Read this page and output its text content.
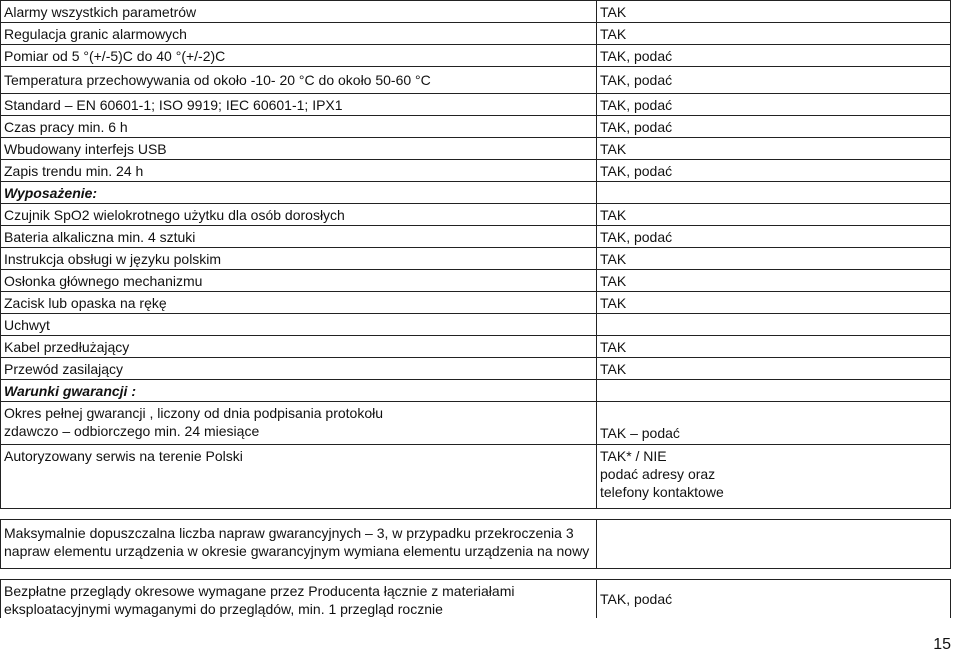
Alarmy wszystkich parametrów	TAK	
Regulacja granic alarmowych	TAK	
Pomiar od 5 °(+/-5)C do 40 °(+/-2)C	TAK, podać	
Temperatura przechowywania od około -10- 20 °C do około 50-60 °C	TAK, podać	
Standard – EN 60601-1; ISO 9919; IEC 60601-1; IPX1	TAK, podać	
Czas pracy min. 6 h	TAK, podać	
Wbudowany interfejs USB	TAK	
Zapis trendu min. 24 h	TAK, podać	
Wyposażenie:		
Czujnik SpO2 wielokrotnego użytku dla osób dorosłych	TAK	
Bateria alkaliczna min. 4 sztuki	TAK, podać	
Instrukcja obsługi w języku polskim	TAK	
Osłonka głównego mechanizmu	TAK	
Zacisk lub opaska na rękę	TAK	
Uchwyt		
Kabel przedłużający	TAK	
Przewód zasilający	TAK	
Warunki gwarancji :		

Okres pełnej gwarancji , liczony od dnia podpisania protokołu
zdawczo – odbiorczego min. 24 miesiące	TAK – podać	
Autoryzowany serwis na terenie Polski	TAK* / NIE
podać adresy oraz
telefony kontaktowe	

Maksymalnie dopuszczalna liczba napraw gwarancyjnych – 3, w przypadku przekroczenia 3
napraw elementu urządzenia w okresie gwarancyjnym wymiana elementu urządzenia na nowy		

Bezpłatne przeglądy okresowe wymagane przez Producenta łącznie z materiałami
eksploatacyjnymi wymaganymi do przeglądów, min. 1 przegląd rocznie	TAK, podać	
15
